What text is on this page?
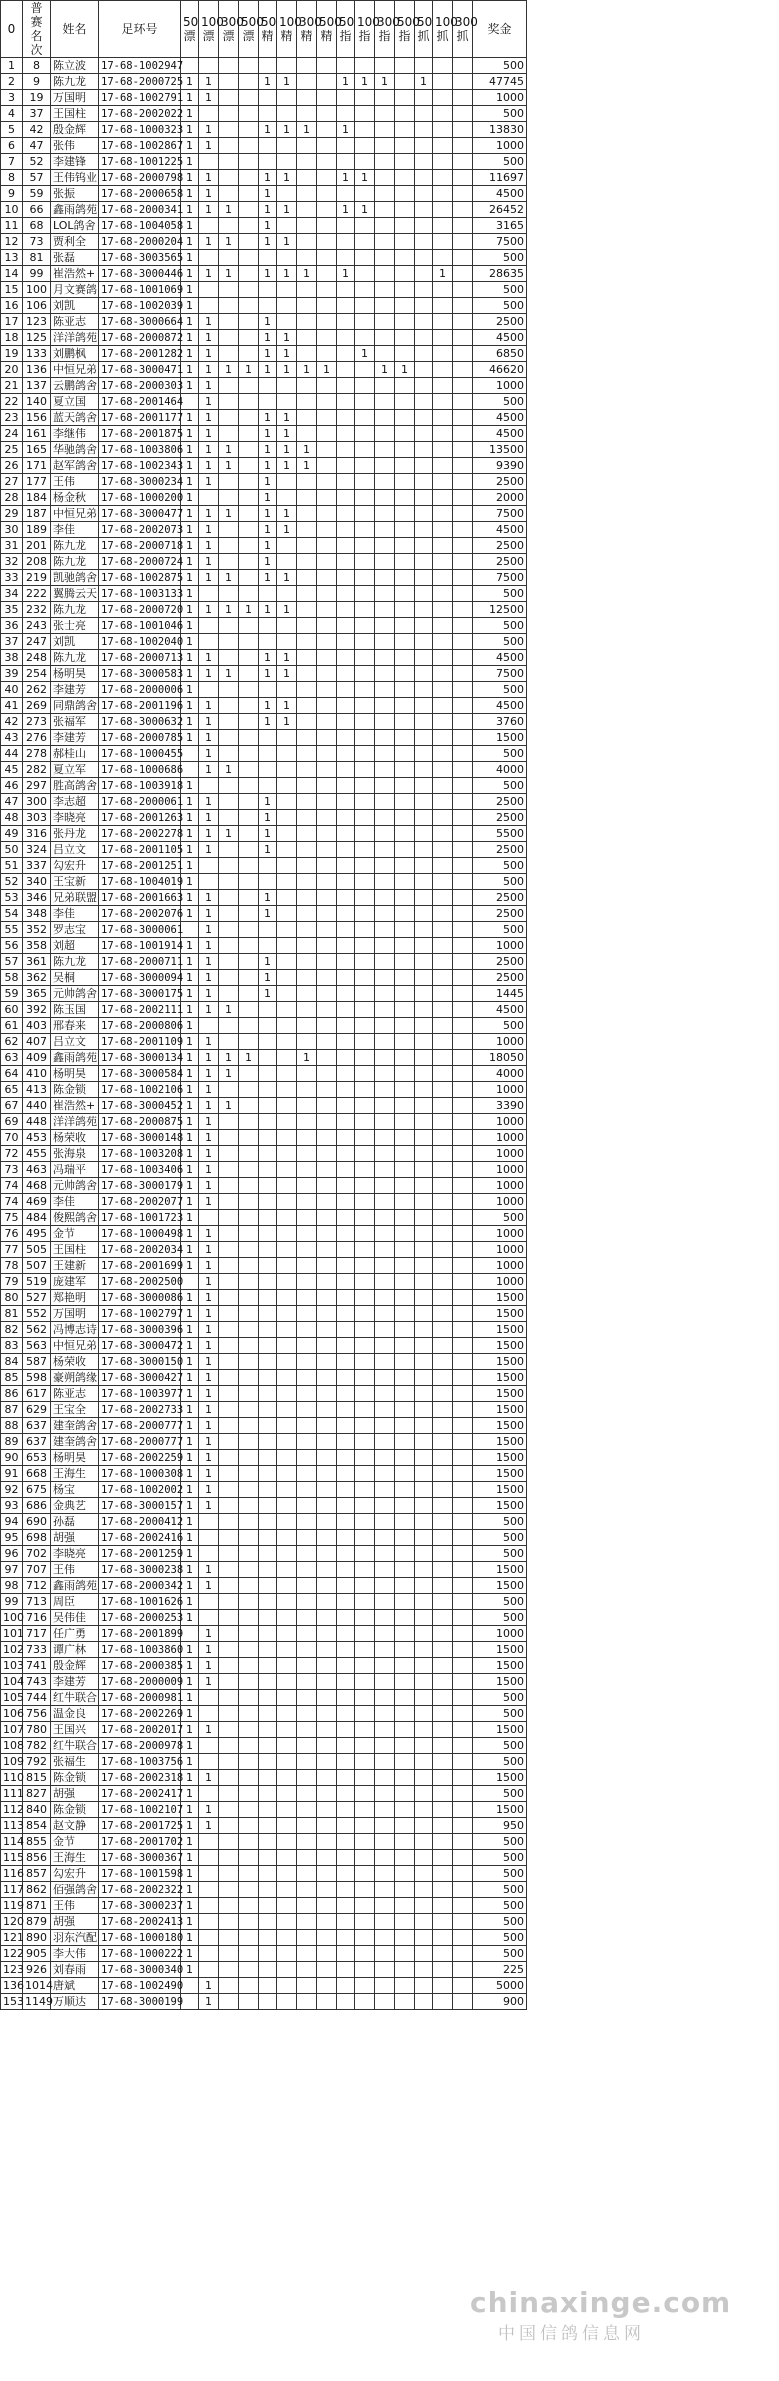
0	普赛名次	姓名	足环号	50漂	100漂	300漂	500漂	50精	100精	300精	500精	50指	100指	300指	500指	50抓	100抓	300抓	奖金
1	8	陈立波	17-68-1002947																500
2	9	陈九龙	17-68-2000725	1	1			1	1			1	1	1		1			47745
3	19	万国明	17-68-1002791	1	1														1000
4	37	王国柱	17-68-2002022	1															500
5	42	殷金辉	17-68-1000323	1	1			1	1	1		1							13830
6	47	张伟	17-68-1002867	1	1														1000
7	52	李建锋	17-68-1001225	1															500
8	57	王伟钨业	17-68-2000798	1	1			1	1			1	1						11697
9	59	张振	17-68-2000658	1	1			1											4500
10	66	鑫雨鸽苑	17-68-2000341	1	1	1		1	1			1	1						26452
11	68	LOL鸽舍	17-68-1004058	1				1											3165
12	73	贾利全	17-68-2000204	1	1	1		1	1										7500
13	81	张磊	17-68-3003565	1															500
14	99	崔浩然+	17-68-3000446	1	1	1		1	1	1		1					1		28635
15	100	月文赛鸽	17-68-1001069	1															500
16	106	刘凯	17-68-1002039	1															500
17	123	陈亚志	17-68-3000664	1	1			1											2500
18	125	洋洋鸽苑	17-68-2000872	1	1			1	1										4500
19	133	刘鹏枫	17-68-2001282	1	1			1	1				1						6850
20	136	中恒兄弟	17-68-3000471	1	1	1	1	1	1	1	1			1	1				46620
21	137	云鹏鸽舍	17-68-2000303	1	1														1000
22	140	夏立国	17-68-2001464		1														500
23	156	蓝天鸽舍	17-68-2001177	1	1			1	1										4500
24	161	李继伟	17-68-2001875	1	1			1	1										4500
25	165	华驰鸽舍	17-68-1003806	1	1	1		1	1	1									13500
26	171	赵军鸽舍	17-68-1002343	1	1	1		1	1	1									9390
27	177	王伟	17-68-3000234	1	1			1											2500
28	184	杨金秋	17-68-1000200	1				1											2000
29	187	中恒兄弟	17-68-3000477	1	1	1		1	1										7500
30	189	李佳	17-68-2002073	1	1			1	1										4500
31	201	陈九龙	17-68-2000718	1	1			1											2500
32	208	陈九龙	17-68-2000724	1	1			1											2500
33	219	凯驰鸽舍	17-68-1002875	1	1	1		1	1										7500
34	222	翼腾云天	17-68-1003133	1															500
35	232	陈九龙	17-68-2000720	1	1	1	1	1	1										12500
36	243	张士亮	17-68-1001046	1															500
37	247	刘凯	17-68-1002040	1															500
38	248	陈九龙	17-68-2000713	1	1			1	1										4500
39	254	杨明昊	17-68-3000583	1	1	1		1	1										7500
40	262	李建芳	17-68-2000006	1															500
41	269	同鼎鸽舍	17-68-2001196	1	1			1	1										4500
42	273	张福军	17-68-3000632	1	1			1	1										3760
43	276	李建芳	17-68-2000785	1	1														1500
44	278	郝桂山	17-68-1000455		1														500
45	282	夏立军	17-68-1000686		1	1													4000
46	297	胜高鸽舍	17-68-1003918	1															500
47	300	李志超	17-68-2000061	1	1			1											2500
48	303	李晓亮	17-68-2001263	1	1			1											2500
49	316	张丹龙	17-68-2002278	1	1	1		1											5500
50	324	吕立文	17-68-2001105	1	1			1											2500
51	337	勾宏升	17-68-2001251	1															500
52	340	王宝新	17-68-1004019	1															500
53	346	兄弟联盟	17-68-2001663	1	1			1											2500
54	348	李佳	17-68-2002076	1	1			1											2500
55	352	罗志宝	17-68-3000061		1														500
56	358	刘超	17-68-1001914	1	1														1000
57	361	陈九龙	17-68-2000711	1	1			1											2500
58	362	吴桐	17-68-3000094	1	1			1											2500
59	365	元帅鸽舍	17-68-3000175	1	1			1											1445
60	392	陈玉国	17-68-2002111	1	1	1													4500
61	403	邢春来	17-68-2000806	1															500
62	407	吕立文	17-68-2001109	1	1														1000
63	409	鑫雨鸽苑	17-68-3000134	1	1	1	1			1									18050
64	410	杨明昊	17-68-3000584	1	1	1													4000
65	413	陈金锁	17-68-1002106	1	1														1000
67	440	崔浩然+	17-68-3000452	1	1	1													3390
69	448	洋洋鸽苑	17-68-2000875	1	1														1000
70	453	杨荣收	17-68-3000148	1	1														1000
72	455	张海泉	17-68-1003208	1	1														1000
73	463	冯瑞平	17-68-1003406	1	1														1000
74	468	元帅鸽舍	17-68-3000179	1	1														1000
74	469	李佳	17-68-2002077	1	1														1000
75	484	俊熙鸽舍	17-68-1001723	1															500
76	495	金节	17-68-1000498	1	1														1000
77	505	王国柱	17-68-2002034	1	1														1000
78	507	王建新	17-68-2001699	1	1														1000
79	519	庞建军	17-68-2002500		1														1000
80	527	郑艳明	17-68-3000086	1	1														1500
81	552	万国明	17-68-1002797	1	1														1500
82	562	冯博志诗	17-68-3000396	1	1														1500
83	563	中恒兄弟	17-68-3000472	1	1														1500
84	587	杨荣收	17-68-3000150	1	1														1500
85	598	豪朔鸽缘	17-68-3000427	1	1														1500
86	617	陈亚志	17-68-1003977	1	1														1500
87	629	王宝全	17-68-2002733	1	1														1500
88	637	建奎鸽舍	17-68-2000777	1	1														1500
89	637	建奎鸽舍	17-68-2000777	1	1														1500
90	653	杨明昊	17-68-2002259	1	1														1500
91	668	王海生	17-68-1000308	1	1														1500
92	675	杨宝	17-68-1002002	1	1														1500
93	686	金典艺	17-68-3000157	1	1														1500
94	690	孙磊	17-68-2000412	1															500
95	698	胡强	17-68-2002416	1															500
96	702	李晓亮	17-68-2001259	1															500
97	707	王伟	17-68-3000238	1	1														1500
98	712	鑫雨鸽苑	17-68-2000342	1	1														1500
99	713	周臣	17-68-1001626	1															500
100	716	吴伟佳	17-68-2000253	1															500
101	717	任广勇	17-68-2001899		1														1000
102	733	谭广林	17-68-1003860	1	1														1500
103	741	殷金辉	17-68-2000385	1	1														1500
104	743	李建芳	17-68-2000009	1	1														1500
105	744	红牛联合	17-68-2000981	1															500
106	756	温金良	17-68-2002269	1															500
107	780	王国兴	17-68-2002017	1	1														1500
108	782	红牛联合	17-68-2000978	1															500
109	792	张福生	17-68-1003756	1															500
110	815	陈金锁	17-68-2002318	1	1														1500
111	827	胡强	17-68-2002417	1															500
112	840	陈金锁	17-68-1002107	1	1														1500
113	854	赵文静	17-68-2001725	1	1														950
114	855	金节	17-68-2001702	1															500
115	856	王海生	17-68-3000367	1															500
116	857	勾宏升	17-68-1001598	1															500
117	862	佰强鸽舍	17-68-2002322	1															500
119	871	王伟	17-68-3000237	1															500
120	879	胡强	17-68-2002413	1															500
121	890	羽东汽配	17-68-1000180	1															500
122	905	李大伟	17-68-1000222	1															500
123	926	刘春雨	17-68-3000340	1															225
136	1014	唐斌	17-68-1002490		1														5000
153	1149	万顺达	17-68-3000199		1														900
chinaxinge.com
中国信鸽信息网
